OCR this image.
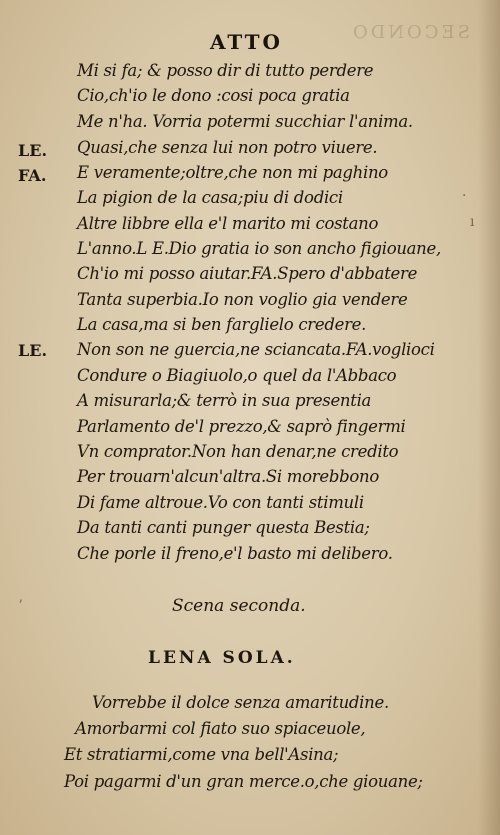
SECONDO
ATTO
LE.
FA.
LE.
Mi si fa; & posso dir di tutto perdere
Cio,ch'io le dono :cosi poca gratia
Me n'ha. Vorria potermi succhiar l'anima.
Quasi,che senza lui non potro viuere.
E veramente;oltre,che non mi paghino
La pigion de la casa;piu di dodici
Altre libbre ella e'l marito mi costano
L'anno.L E.Dio gratia io son ancho figiouane,
Ch'io mi posso aiutar.FA.Spero d'abbatere
Tanta superbia.Io non voglio gia vendere
La casa,ma si ben farglielo credere.
Non son ne guercia,ne sciancata.FA.voglioci
Condure o Biagiuolo,o quel da l'Abbaco
A misurarla;& terrò in sua presentia
Parlamento de'l prezzo,& saprò fingermi
Vn comprator.Non han denar,ne credito
Per trouarn'alcun'altra.Si morebbono
Di fame altroue.Vo con tanti stimuli
Da tanti canti punger questa Bestia;
Che porle il freno,e'l basto mi delibero.
ʼ
·
ı
Scena seconda.
LENA SOLA.
Vorrebbe il dolce senza amaritudine.
Amorbarmi col fiato suo spiaceuole,
Et stratiarmi,come vna bell'Asina;
Poi pagarmi d'un gran merce.o,che giouane;
